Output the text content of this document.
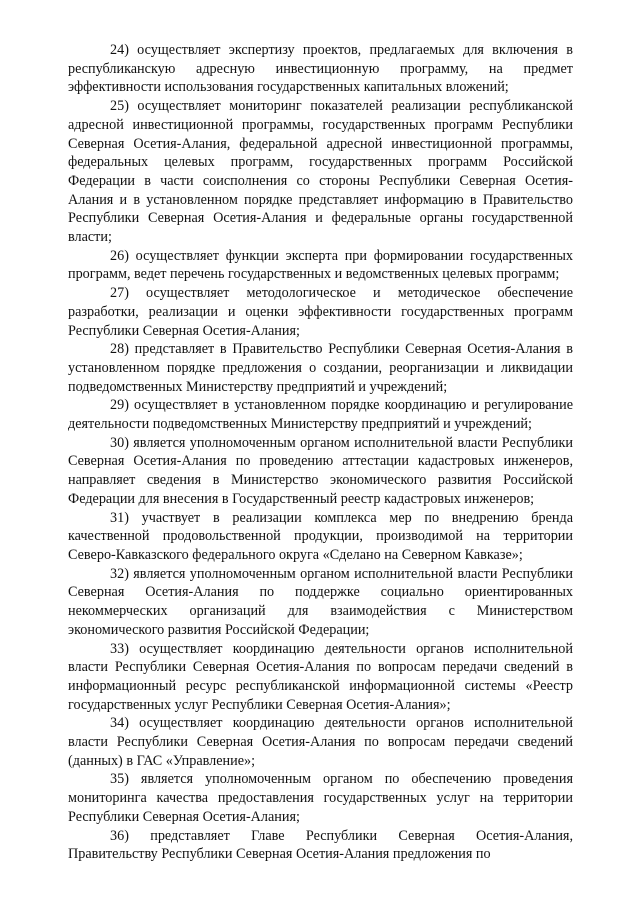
24) осуществляет экспертизу проектов, предлагаемых для включения в республиканскую адресную инвестиционную программу, на предмет эффективности использования государственных капитальных вложений;

25) осуществляет мониторинг показателей реализации республиканской адресной инвестиционной программы, государственных программ Республики Северная Осетия-Алания, федеральной адресной инвестиционной программы, федеральных целевых программ, государственных программ Российской Федерации в части соисполнения со стороны Республики Северная Осетия-Алания и в установленном порядке представляет информацию в Правительство Республики Северная Осетия-Алания и федеральные органы государственной власти;

26) осуществляет функции эксперта при формировании государственных программ, ведет перечень государственных и ведомственных целевых программ;

27) осуществляет методологическое и методическое обеспечение разработки, реализации и оценки эффективности государственных программ Республики Северная Осетия-Алания;

28) представляет в Правительство Республики Северная Осетия-Алания в установленном порядке предложения о создании, реорганизации и ликвидации подведомственных Министерству предприятий и учреждений;

29) осуществляет в установленном порядке координацию и регулирование деятельности подведомственных Министерству предприятий и учреждений;

30) является уполномоченным органом исполнительной власти Республики Северная Осетия-Алания по проведению аттестации кадастровых инженеров, направляет сведения в Министерство экономического развития Российской Федерации для внесения в Государственный реестр кадастровых инженеров;

31) участвует в реализации комплекса мер по внедрению бренда качественной продовольственной продукции, производимой на территории Северо-Кавказского федерального округа «Сделано на Северном Кавказе»;

32) является уполномоченным органом исполнительной власти Республики Северная Осетия-Алания по поддержке социально ориентированных некоммерческих организаций для взаимодействия с Министерством экономического развития Российской Федерации;

33) осуществляет координацию деятельности органов исполнительной власти Республики Северная Осетия-Алания по вопросам передачи сведений в информационный ресурс республиканской информационной системы «Реестр государственных услуг Республики Северная Осетия-Алания»;

34) осуществляет координацию деятельности органов исполнительной власти Республики Северная Осетия-Алания по вопросам передачи сведений (данных) в ГАС «Управление»;

35) является уполномоченным органом по обеспечению проведения мониторинга качества предоставления государственных услуг на территории Республики Северная Осетия-Алания;

36) представляет Главе Республики Северная Осетия-Алания, Правительству Республики Северная Осетия-Алания предложения по
